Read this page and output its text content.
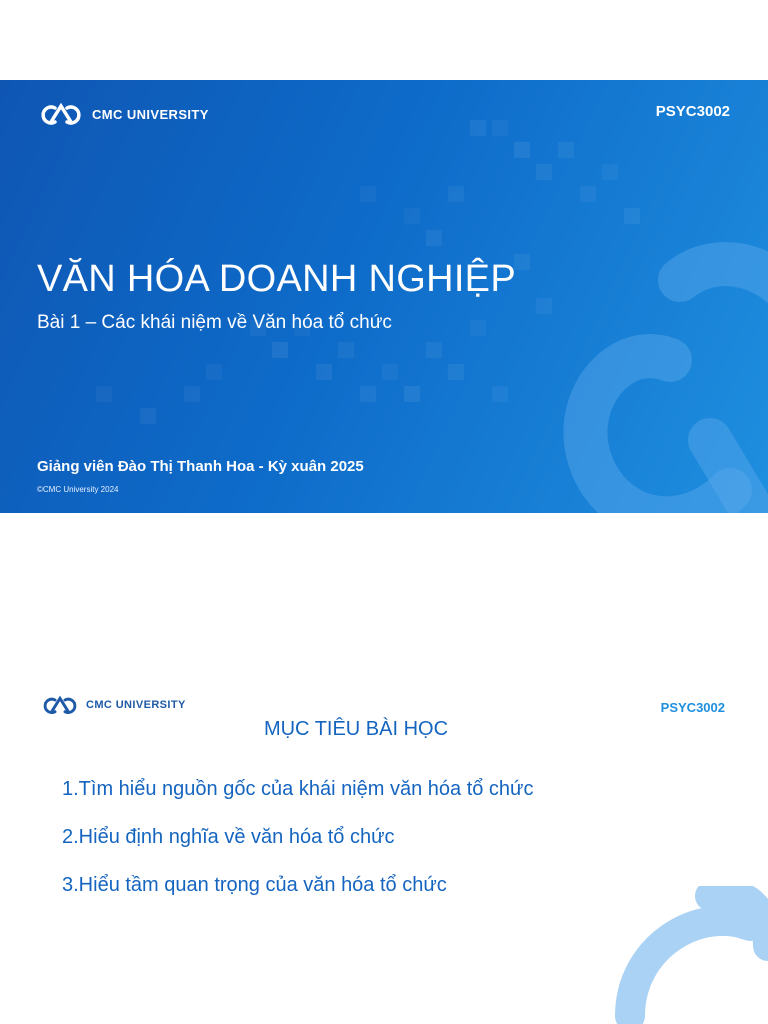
CMC UNIVERSITY	PSYC3002
VĂN HÓA DOANH NGHIỆP

Bài 1 – Các khái niệm về Văn hóa tổ chức

Giảng viên Đào Thị Thanh Hoa - Kỳ xuân 2025

©CMC University 2024

CMC UNIVERSITY	PSYC3002
MỤC TIÊU BÀI HỌC
1.Tìm hiểu nguồn gốc của khái niệm văn hóa tổ chức
2.Hiểu định nghĩa về văn hóa tổ chức
3.Hiểu tầm quan trọng của văn hóa tổ chức
